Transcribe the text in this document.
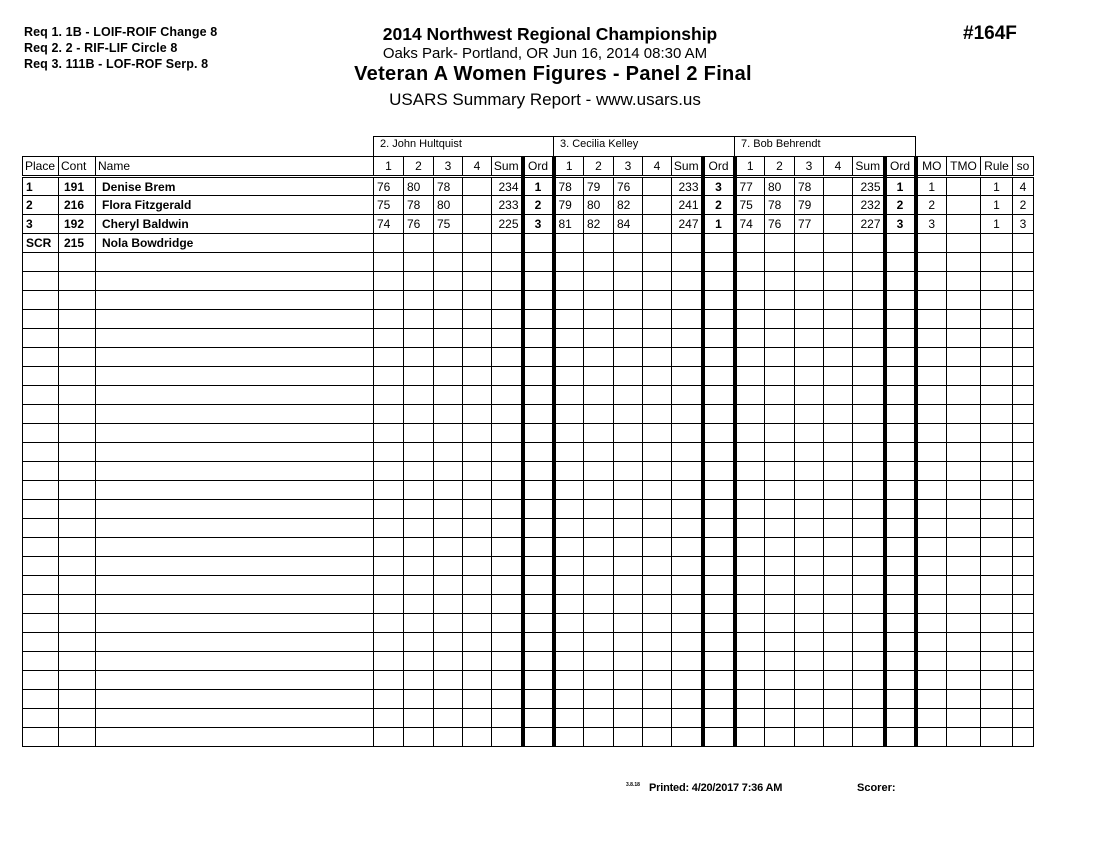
Req 1. 1B - LOIF-ROIF Change 8
Req 2. 2 - RIF-LIF Circle 8
Req 3. 111B - LOF-ROF Serp. 8
2014 Northwest Regional Championship
Oaks Park- Portland, OR Jun 16, 2014 08:30 AM
Veteran A Women Figures - Panel 2 Final
USARS Summary Report - www.usars.us
#164F
2. John Hultquist	3. Cecilia Kelley	7. Bob Behrendt
Place	Cont	Name	1	2	3	4	Sum	Ord	1	2	3	4	Sum	Ord	1	2	3	4	Sum	Ord	MO	TMO	Rule	so
1	191	Denise Brem	76	80	78		234	1	78	79	76		233	3	77	80	78		235	1	1		1	4
2	216	Flora Fitzgerald	75	78	80		233	2	79	80	82		241	2	75	78	79		232	2	2		1	2
3	192	Cheryl Baldwin	74	76	75		225	3	81	82	84		247	1	74	76	77		227	3	3		1	3
SCR	215	Nola Bowdridge																						

3.8.18 Printed: 4/20/2017 7:36 AM	Scorer:
